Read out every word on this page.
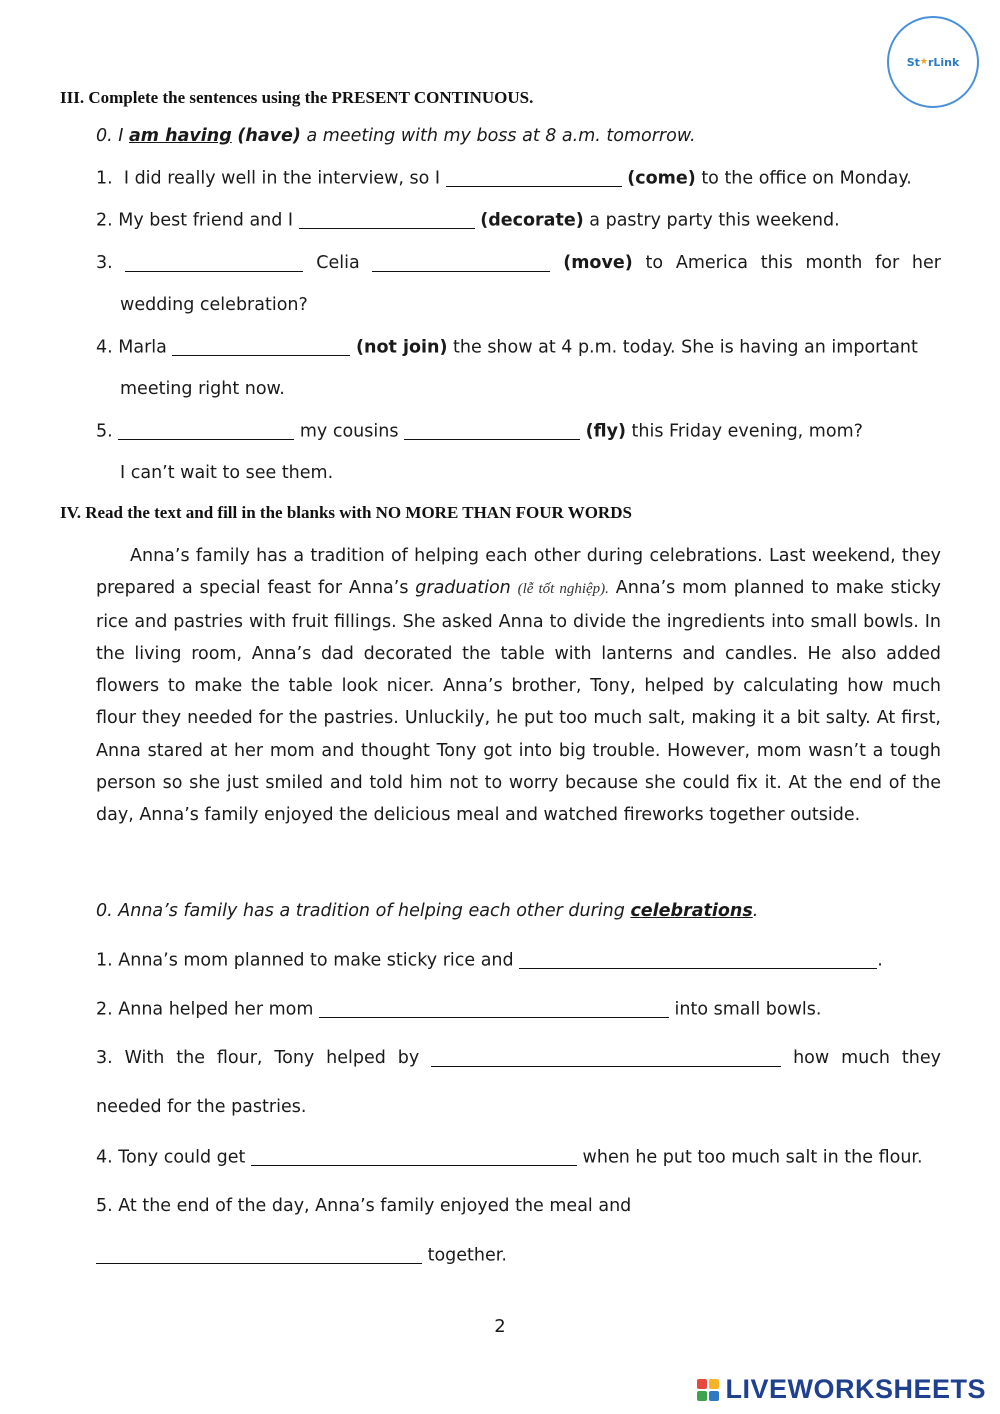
St ★ rLink
III. Complete the sentences using the PRESENT CONTINUOUS.
0. I am having (have) a meeting with my boss at 8 a.m. tomorrow.
1. I did really well in the interview, so I	(come) to the office on Monday.
2. My best friend and I	(decorate) a pastry party this weekend.
3.	Celia	(move) to America this month for her
wedding celebration?
4. Marla	(not join) the show at 4 p.m. today. She is having an important
meeting right now.
5.	my cousins	(fly) this Friday evening, mom?
I can’t wait to see them.
IV. Read the text and fill in the blanks with NO MORE THAN FOUR WORDS
Anna’s family has a tradition of helping each other during celebrations. Last weekend, they prepared a special feast for Anna’s graduation (lễ tốt nghiệp). Anna’s mom planned to make sticky rice and pastries with fruit fillings. She asked Anna to divide the ingredients into small bowls. In the living room, Anna’s dad decorated the table with lanterns and candles. He also added flowers to make the table look nicer. Anna’s brother, Tony, helped by calculating how much flour they needed for the pastries. Unluckily, he put too much salt, making it a bit salty. At first, Anna stared at her mom and thought Tony got into big trouble. However, mom wasn’t a tough person so she just smiled and told him not to worry because she could fix it. At the end of the day, Anna’s family enjoyed the delicious meal and watched fireworks together outside.
0. Anna’s family has a tradition of helping each other during celebrations.
1. Anna’s mom planned to make sticky rice and	.
2. Anna helped her mom	into small bowls.
3. With the flour, Tony helped by	how much they
needed for the pastries.
4. Tony could get	when he put too much salt in the flour.
5. At the end of the day, Anna’s family enjoyed the meal and
together.
2
LIVEWORKSHEETS
